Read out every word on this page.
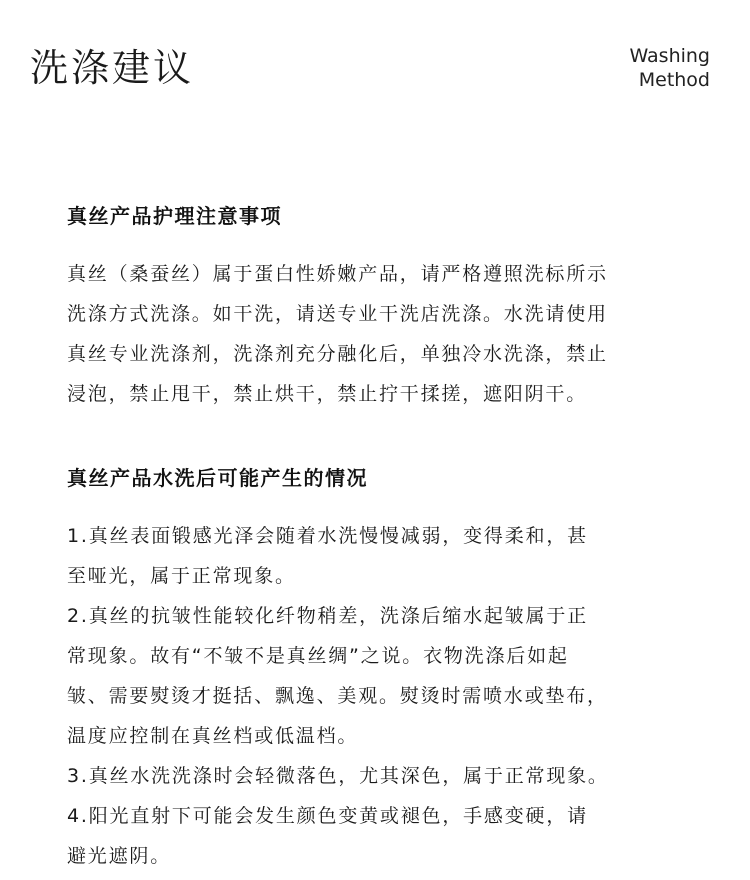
洗涤建议	Washing
Method
真丝产品护理注意事项

真丝（桑蚕丝）属于蛋白性娇嫩产品，请严格遵照洗标所示
洗涤方式洗涤。如干洗，请送专业干洗店洗涤。水洗请使用
真丝专业洗涤剂，洗涤剂充分融化后，单独冷水洗涤，禁止
浸泡，禁止甩干，禁止烘干，禁止拧干揉搓，遮阳阴干。

真丝产品水洗后可能产生的情况

1.真丝表面锻感光泽会随着水洗慢慢减弱，变得柔和，甚
至哑光，属于正常现象。
2.真丝的抗皱性能较化纤物稍差，洗涤后缩水起皱属于正
常现象。故有“不皱不是真丝绸”之说。衣物洗涤后如起
皱、需要熨烫才挺括、飘逸、美观。熨烫时需喷水或垫布，
温度应控制在真丝档或低温档。
3.真丝水洗洗涤时会轻微落色，尤其深色，属于正常现象。
4.阳光直射下可能会发生颜色变黄或褪色，手感变硬，请
避光遮阴。
